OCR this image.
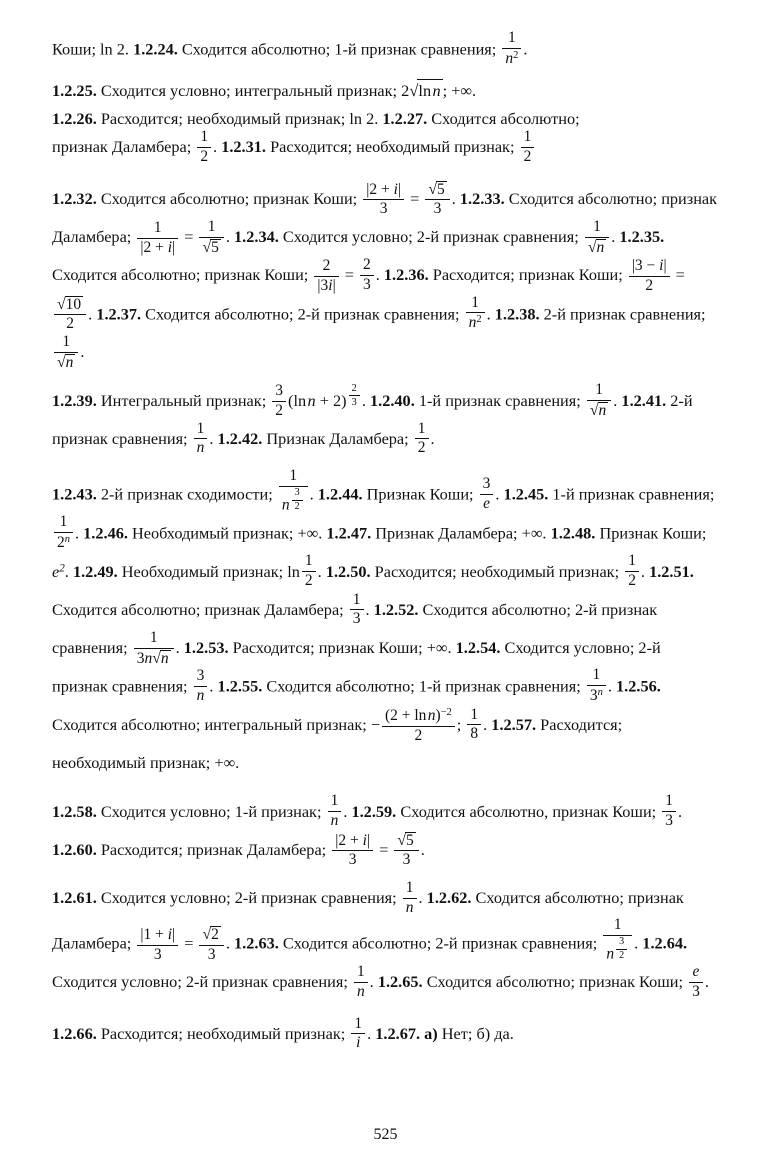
Коши; ln 2. 1.2.24. Сходится абсолютно; 1-й признак сравнения; $\frac{1}{n^2}$ .

1.2.25. Сходится условно; интегральный признак; 2√ln n ; +∞.

1.2.26. Расходится; необходимый признак; ln 2. 1.2.27. Сходится абсолютно;
признак Даламбера; $\frac{1}{2}$ . 1.2.31. Расходится; необходимый признак; $\frac{1}{2}$

1.2.32. Сходится абсолютно; признак Коши; $\frac{|2 + i|}{3} = \frac{√5}{3}$ . 1.2.33. Сходится абсолютно; признак Даламбера; $\frac{1}{|2 + i|} = \frac{1}{√5}$ . 1.2.34. Сходится условно; 2-й признак сравнения; $\frac{1}{√n}$ . 1.2.35. Сходится абсолютно; признак Коши; $\frac{2}{|3i|} = \frac{2}{3}$ . 1.2.36. Расходится; признак Коши; $\frac{|3 - i|}{2}$ =
$\frac{√10}{2}$ . 1.2.37. Сходится абсолютно; 2-й признак сравнения; $\frac{1}{n^2}$ . 1.2.38. 2-й признак сравнения;
$\frac{1}{√n}$ .

1.2.39. Интегральный признак; $\frac{3}{2} (\ln$ n + 2) $^{\frac{2}{3}}$ . 1.2.40. 1-й признак сравнения; $\frac{1}{√n}$ . 1.2.41. 2-й признак сравнения; $\frac{1}{n}$ . 1.2.42. Признак Даламбера; $\frac{1}{2}$ .

1.2.43. 2-й признак сходимости; 1
n $^{\frac{3}{2}}$ . 1.2.44. Признак Коши; $\frac{3}{e}$ . 1.2.45. 1-й признак сравнения;
$\frac{1}{2^n}$ . 1.2.46. Необходимый признак; +∞. 1.2.47. Признак Даламбера; +∞. 1.2.48. Признак Коши; $e^2$. 1.2.49. Необходимый признак; $\ln \frac{1}{2}$ . 1.2.50. Расходится; необходимый признак; $\frac{1}{2}$ . 1.2.51. Сходится абсолютно; признак Даламбера; $\frac{1}{3}$ . 1.2.52. Сходится абсолютно; 2-й признак сравнения; $\frac{1}{3n√n}$ . 1.2.53. Расходится; признак Коши; +∞. 1.2.54. Сходится условно; 2-й признак сравнения; $\frac{3}{n}$ . 1.2.55. Сходится абсолютно; 1-й признак сравнения; $\frac{1}{3^n}$ . 1.2.56. Сходится абсолютно; интегральный признак; − $\frac{(2 + \ln n)^{-2}}{2}$ ; $\frac{1}{8}$ . 1.2.57. Расходится; необходимый признак; +∞.

1.2.58. Сходится условно; 1-й признак; $\frac{1}{n}$ . 1.2.59. Сходится абсолютно, признак Коши; $\frac{1}{3}$ . 1.2.60. Расходится; признак Даламбера; $\frac{|2 + i|}{3} = \frac{√5}{3}$ .

1.2.61. Сходится условно; 2-й признак сравнения; $\frac{1}{n}$ . 1.2.62. Сходится абсолютно; признак Даламбера; $\frac{|1 + i|}{3} = \frac{√2}{3}$ . 1.2.63. Сходится абсолютно; 2-й признак сравнения; 1
n $^{\frac{3}{2}}$ . 1.2.64. Сходится условно; 2-й признак сравнения; $\frac{1}{n}$ . 1.2.65. Сходится абсолютно; признак Коши; $\frac{e}{3}$ .

1.2.66. Расходится; необходимый признак; $\frac{1}{i}$ . 1.2.67. а) Нет; б) да.

525
